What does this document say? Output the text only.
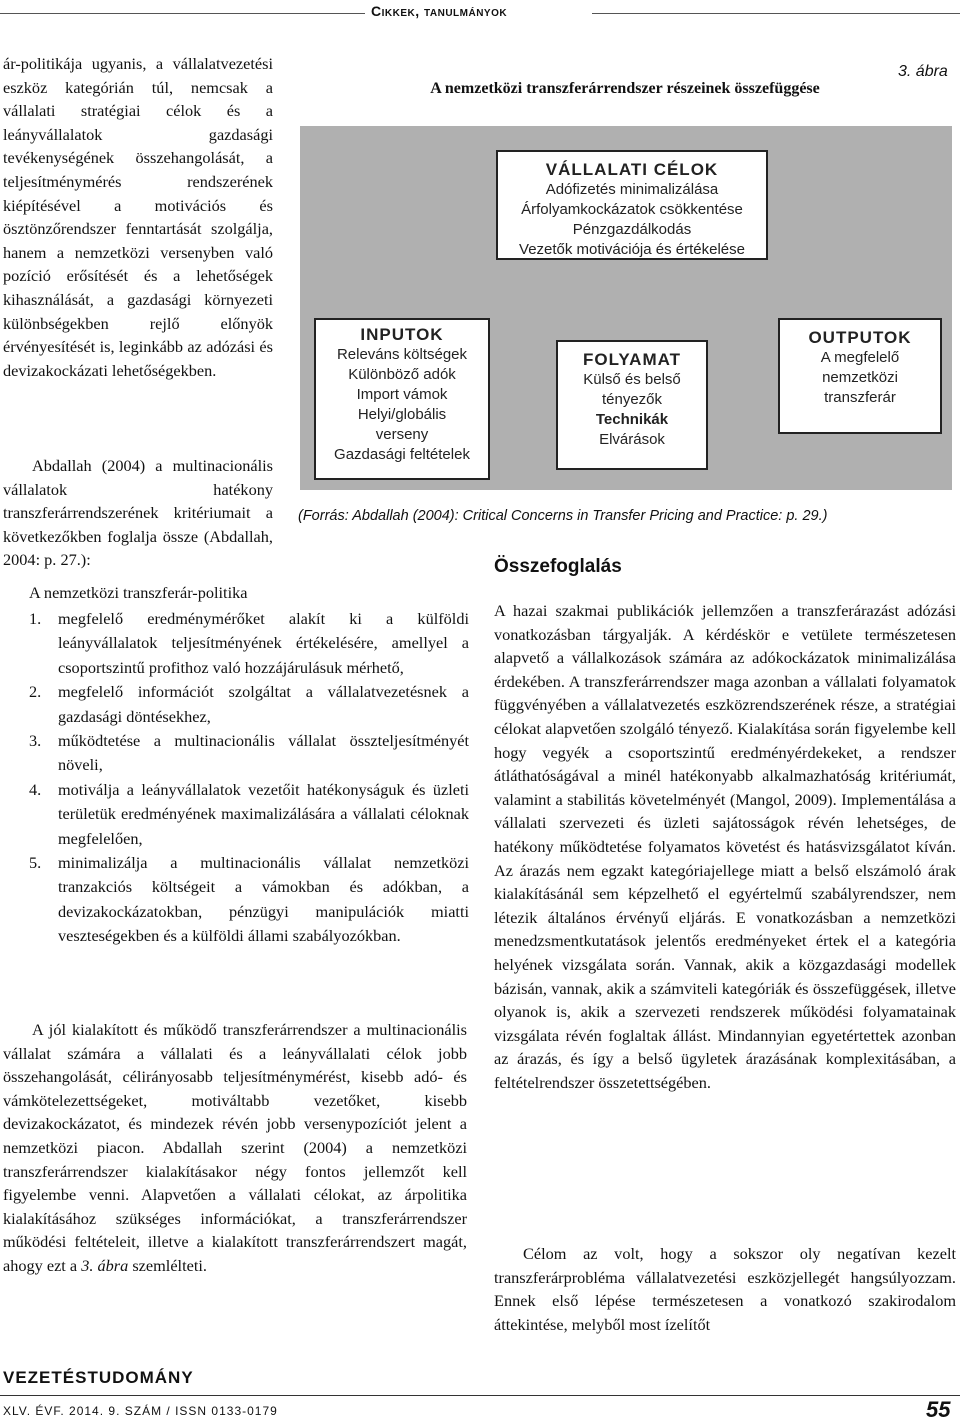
Cikkek, tanulmányok
ár-politikája ugyanis, a vállalatvezetési eszköz kategórián túl, nemcsak a vállalati stratégiai célok és a leányvállalatok gazdasági tevékenységének összehangolását, a teljesítménymérés rendszerének kiépítésével a motivációs és ösztönzőrendszer fenntartását szolgálja, hanem a nemzetközi versenyben való pozíció erősítését és a lehetőségek kihasználását, a gazdasági környezeti különbségekben rejlő előnyök érvényesítését is, leginkább az adózási és devizakockázati lehetőségekben.
Abdallah (2004) a multinacionális vállalatok hatékony transzferárrendszerének kritériumait a következőkben foglalja össze (Abdallah, 2004: p. 27.):
3. ábra
A nemzetközi transzferárrendszer részeinek összefüggése
VÁLLALATI CÉLOK
Adófizetés minimalizálása
Árfolyamkockázatok csökkentése
Pénzgazdálkodás
Vezetők motivációja és értékelése
INPUTOK
Releváns költségek
Különböző adók
Import vámok
Helyi/globális
verseny
Gazdasági feltételek
FOLYAMAT
Külső és belső
tényezők
Technikák
Elvárások
OUTPUTOK
A megfelelő
nemzetközi
transzferár
(Forrás: Abdallah (2004): Critical Concerns in Transfer Pricing and Practice: p. 29.)
A nemzetközi transzferár-politika
1. megfelelő eredménymérőket alakít ki a külföldi leányvállalatok teljesítményének értékelésére, amellyel a csoportszintű profithoz való hozzájárulásuk mérhető,
2. megfelelő információt szolgáltat a vállalatvezetésnek a gazdasági döntésekhez,
3. működtetése a multinacionális vállalat összteljesítményét növeli,
4. motiválja a leányvállalatok vezetőit hatékonyságuk és üzleti területük eredményének maximalizálására a vállalati céloknak megfelelően,
5. minimalizálja a multinacionális vállalat nemzetközi tranzakciós költségeit a vámokban és adókban, a devizakockázatokban, pénzügyi manipulációk miatti veszteségekben és a külföldi állami szabályozókban.
A jól kialakított és működő transzferárrendszer a multinacionális vállalat számára a vállalati és a leányvállalati célok jobb összehangolását, célirányosabb teljesítménymérést, kisebb adó- és vámkötelezettségeket, motiváltabb vezetőket, kisebb devizakockázatot, és mindezek révén jobb versenypozíciót jelent a nemzetközi piacon. Abdallah szerint (2004) a nemzetközi transzferárrendszer kialakításakor négy fontos jellemzőt kell figyelembe venni. Alapvetően a vállalati célokat, az árpolitika kialakításához szükséges információkat, a transzferárrendszer működési feltételeit, illetve a kialakított transzferárrendszert magát, ahogy ezt a 3. ábra szemlélteti.
Összefoglalás
A hazai szakmai publikációk jellemzően a transzferárazást adózási vonatkozásban tárgyalják. A kérdéskör e vetülete természetesen alapvető a vállalkozások számára az adókockázatok minimalizálása érdekében. A transzferárrendszer maga azonban a vállalati folyamatok függvényében a vállalatvezetés eszközrendszerének része, a stratégiai célokat alapvetően szolgáló tényező. Kialakítása során figyelembe kell hogy vegyék a csoportszintű eredményérdekeket, a rendszer átláthatóságával a minél hatékonyabb alkalmazhatóság kritériumát, valamint a stabilitás követelményét (Mangol, 2009). Implementálása a vállalati szervezeti és üzleti sajátosságok révén lehetséges, de hatékony működtetése folyamatos követést és hatásvizsgálatot kíván. Az árazás nem egzakt kategóriajellege miatt a belső elszámoló árak kialakításánál sem képzelhető el egyértelmű szabályrendszer, nem létezik általános érvényű eljárás. E vonatkozásban a nemzetközi menedzsmentkutatások jelentős eredményeket értek el a kategória helyének vizsgálata során. Vannak, akik a közgazdasági modellek bázisán, vannak, akik a számviteli kategóriák és összefüggések, illetve olyanok is, akik a szervezeti rendszerek működési folyamatainak vizsgálata révén foglaltak állást. Mindannyian egyetértettek azonban az árazás, és így a belső ügyletek árazásának komplexitásában, a feltételrendszer összetettségében.
Célom az volt, hogy a sokszor oly negatívan kezelt transzferárprobléma vállalatvezetési eszközjellegét hangsúlyozzam. Ennek első lépése természetesen a vonatkozó szakirodalom áttekintése, melyből most ízelítőt
VEZETÉSTUDOMÁNY
XLV. ÉVF. 2014. 9. SZÁM / ISSN 0133-0179	55
